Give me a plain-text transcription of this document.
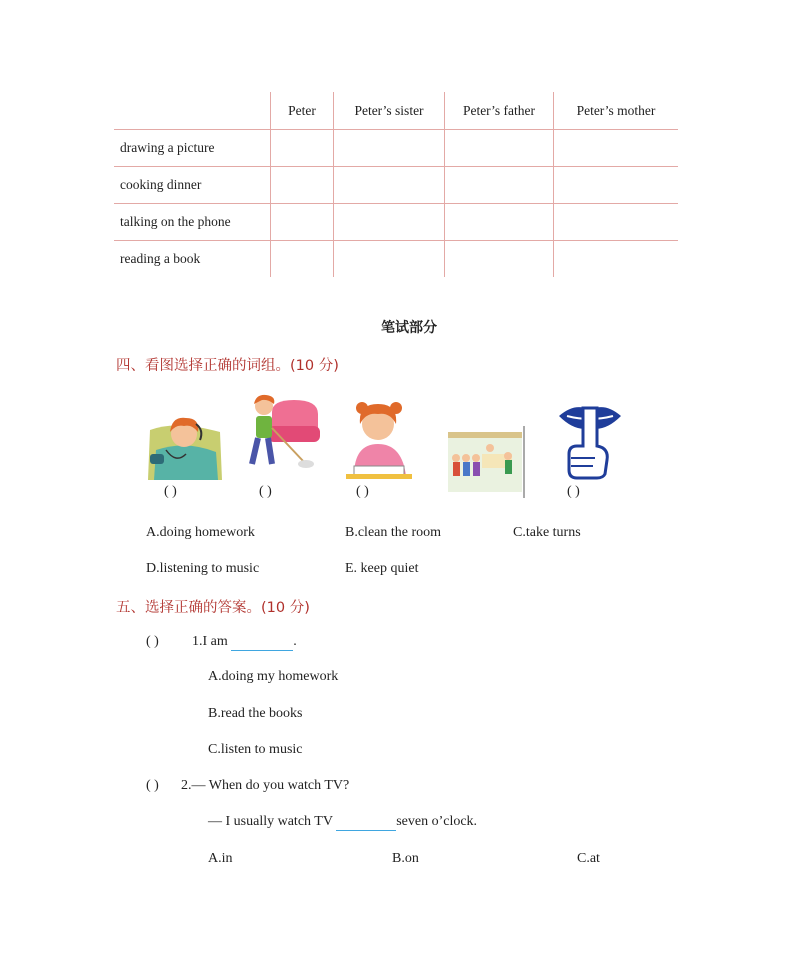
	Peter	Peter’s sister	Peter’s father	Peter’s mother
drawing a picture				
cooking dinner				
talking on the phone				
reading a book				
笔试部分
四、看图选择正确的词组。(10 分)
( )	( )	( )	( )
A.doing homework	B.clean the room	C.take turns
D.listening to music	E. keep quiet
五、选择正确的答案。(10 分)
( ) 1.I am	.
A.doing my homework
B.read the books
C.listen to music
( ) 2.— When do you watch TV?
— I usually watch TV	seven o’clock.
A.in	B.on	C.at
